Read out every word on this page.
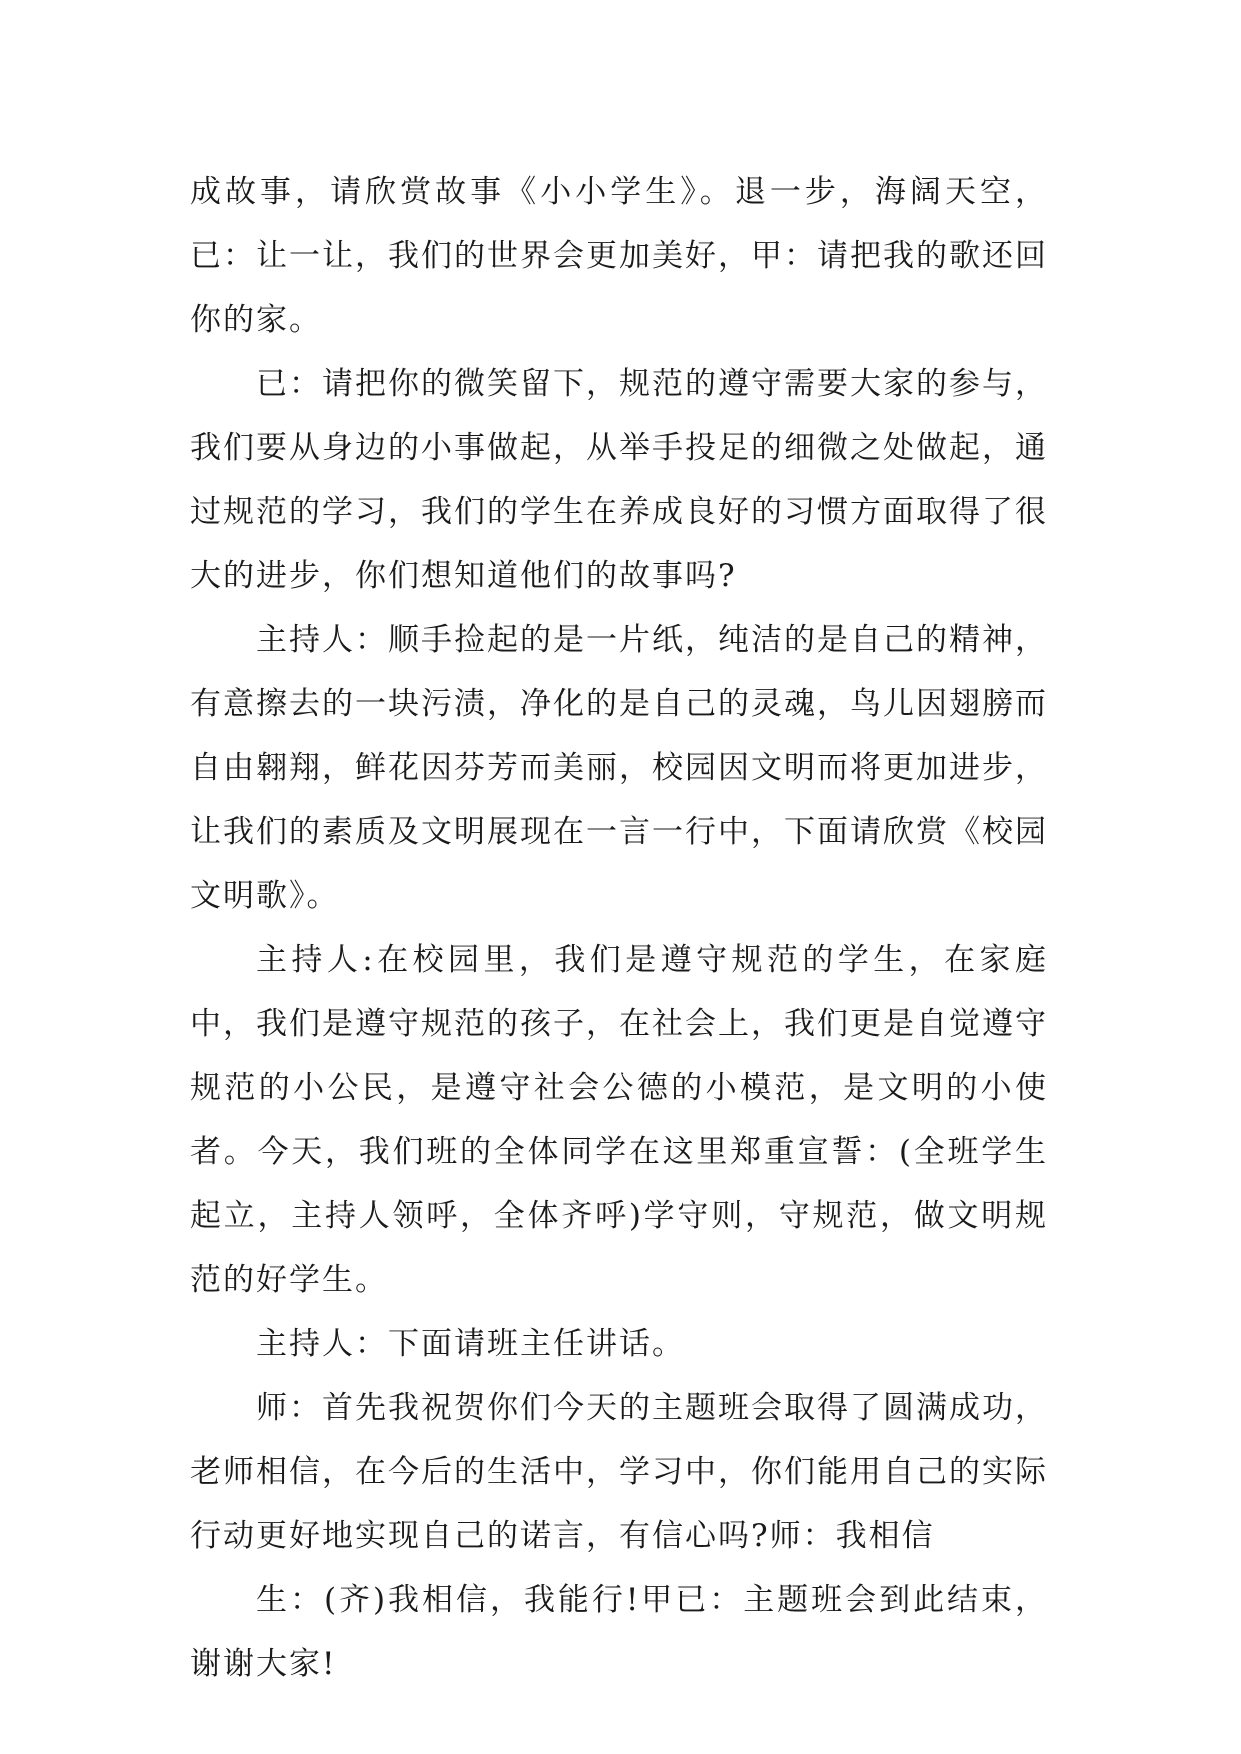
成故事，请欣赏故事《小小学生》。退一步，海阔天空，已：让一让，我们的世界会更加美好，甲：请把我的歌还回你的家。

已：请把你的微笑留下，规范的遵守需要大家的参与，我们要从身边的小事做起，从举手投足的细微之处做起，通过规范的学习，我们的学生在养成良好的习惯方面取得了很大的进步，你们想知道他们的故事吗?

主持人：顺手捡起的是一片纸，纯洁的是自己的精神，有意擦去的一块污渍，净化的是自己的灵魂，鸟儿因翅膀而自由翱翔，鲜花因芬芳而美丽，校园因文明而将更加进步，让我们的素质及文明展现在一言一行中，下面请欣赏《校园文明歌》。

主持人:在校园里，我们是遵守规范的学生，在家庭中，我们是遵守规范的孩子，在社会上，我们更是自觉遵守规范的小公民，是遵守社会公德的小模范，是文明的小使者。今天，我们班的全体同学在这里郑重宣誓：(全班学生起立，主持人领呼，全体齐呼)学守则，守规范，做文明规范的好学生。

主持人：下面请班主任讲话。

师：首先我祝贺你们今天的主题班会取得了圆满成功，老师相信，在今后的生活中，学习中，你们能用自己的实际行动更好地实现自己的诺言，有信心吗?师：我相信

生：(齐)我相信，我能行!甲已：主题班会到此结束，谢谢大家!
